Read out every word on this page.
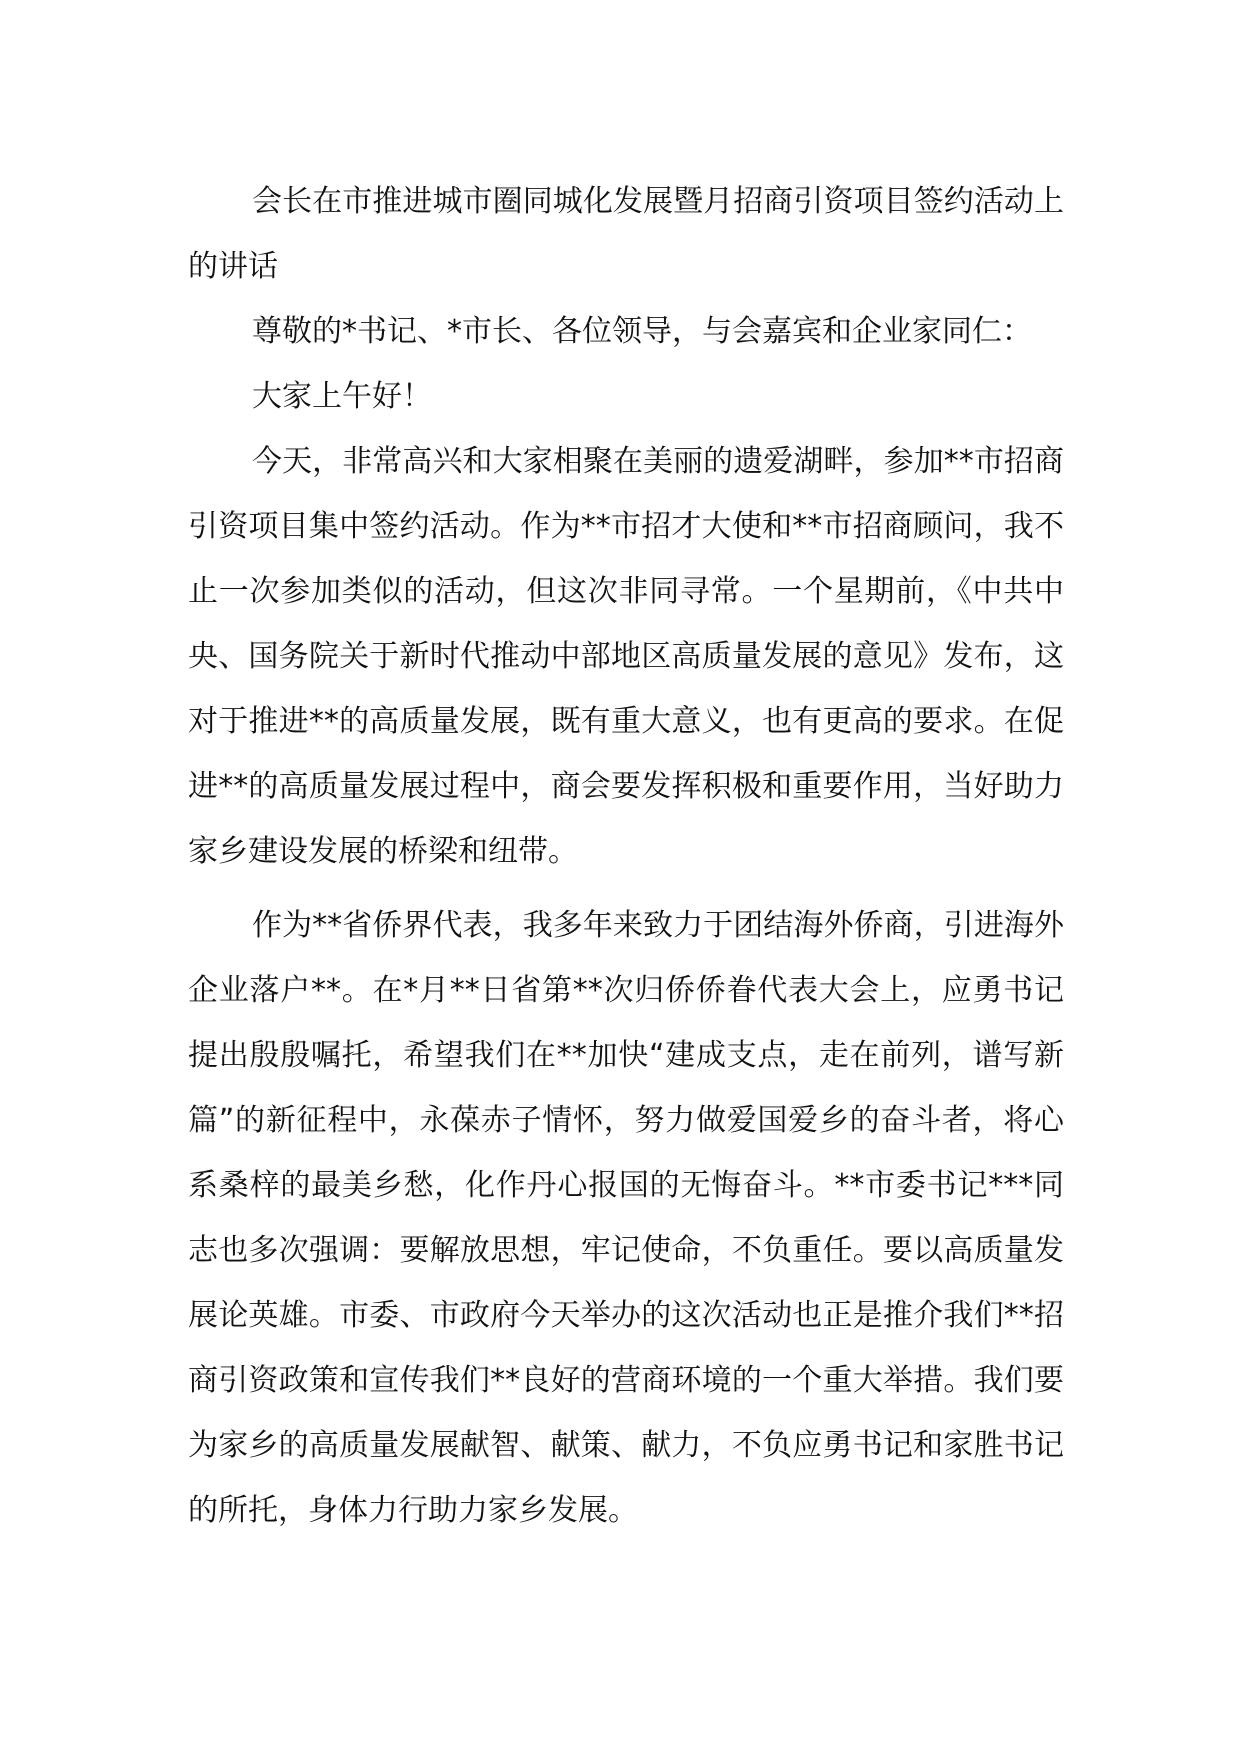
会长在市推进城市圈同城化发展暨月招商引资项目签约活动上的讲话

尊敬的*书记、*市长、各位领导，与会嘉宾和企业家同仁：

大家上午好！

今天，非常高兴和大家相聚在美丽的遗爱湖畔，参加**市招商引资项目集中签约活动。作为**市招才大使和**市招商顾问，我不止一次参加类似的活动，但这次非同寻常。一个星期前，《中共中央、国务院关于新时代推动中部地区高质量发展的意见》发布，这对于推进**的高质量发展，既有重大意义，也有更高的要求。在促进**的高质量发展过程中，商会要发挥积极和重要作用，当好助力家乡建设发展的桥梁和纽带。

作为**省侨界代表，我多年来致力于团结海外侨商，引进海外企业落户**。在*月**日省第**次归侨侨眷代表大会上，应勇书记提出殷殷嘱托，希望我们在**加快“建成支点，走在前列，谱写新篇”的新征程中，永葆赤子情怀，努力做爱国爱乡的奋斗者，将心系桑梓的最美乡愁，化作丹心报国的无悔奋斗。**市委书记***同志也多次强调：要解放思想，牢记使命，不负重任。要以高质量发展论英雄。市委、市政府今天举办的这次活动也正是推介我们**招商引资政策和宣传我们**良好的营商环境的一个重大举措。我们要为家乡的高质量发展献智、献策、献力，不负应勇书记和家胜书记的所托，身体力行助力家乡发展。
